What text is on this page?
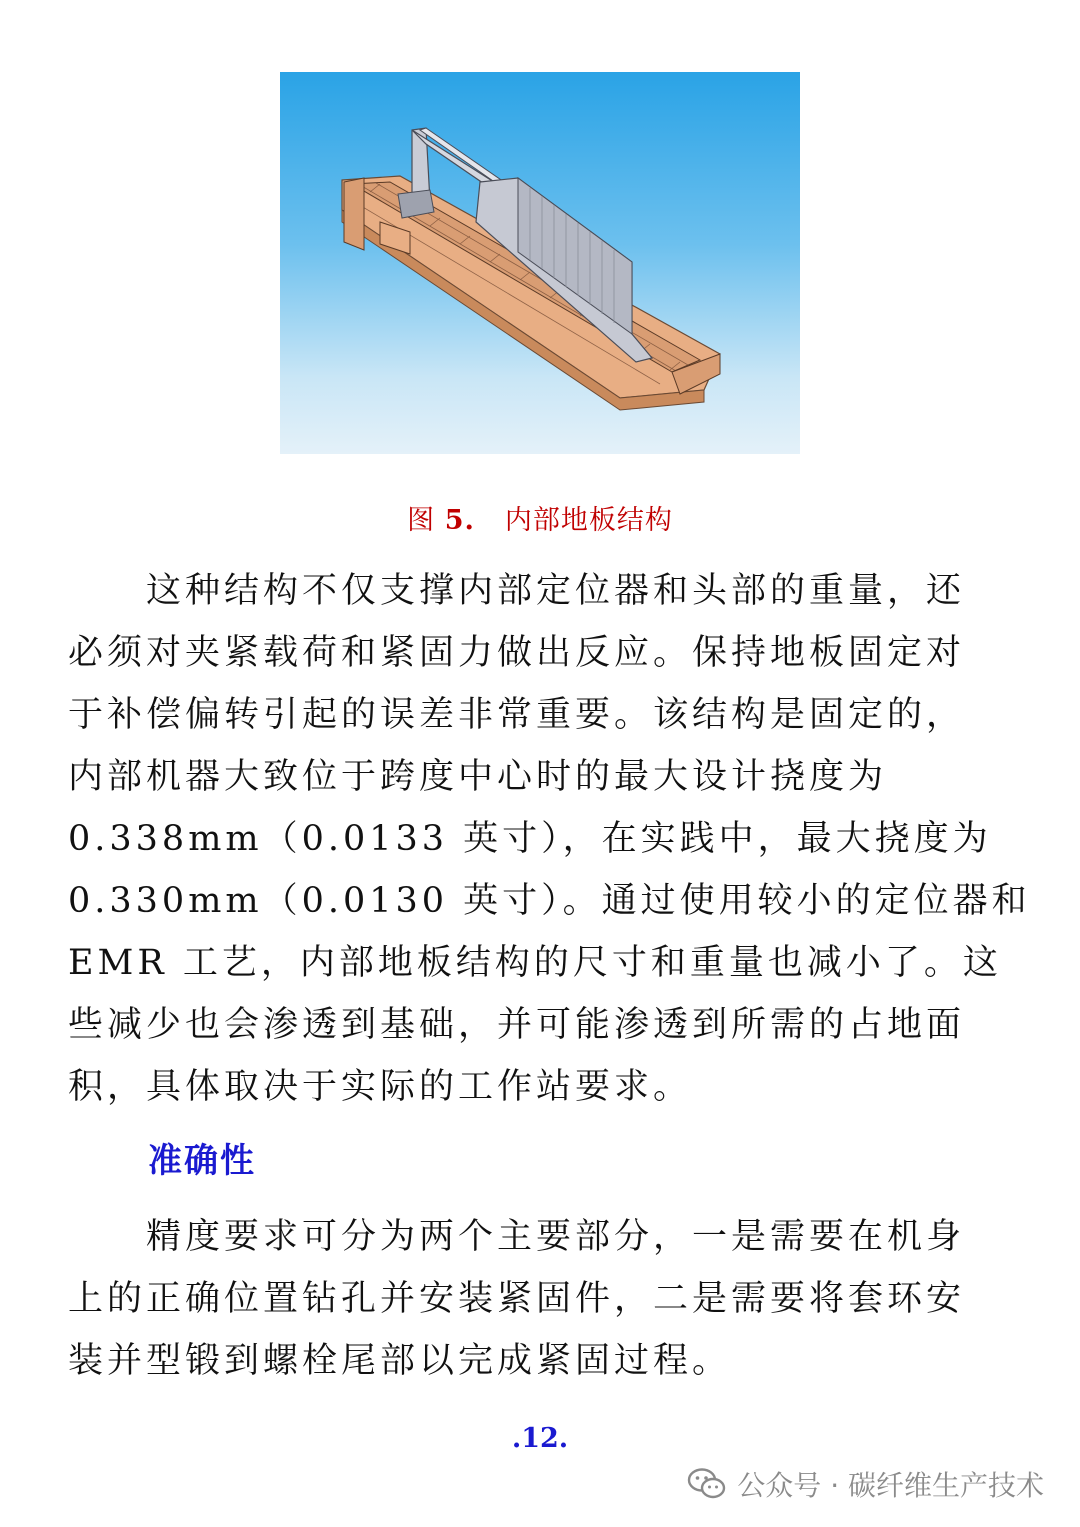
图 5. 内部地板结构
　　这种结构不仅支撑内部定位器和头部的重量，还
必须对夹紧载荷和紧固力做出反应。保持地板固定对
于补偿偏转引起的误差非常重要。该结构是固定的，
内部机器大致位于跨度中心时的最大设计挠度为
0.338mm（0.0133 英寸），在实践中，最大挠度为
0.330mm（0.0130 英寸）。通过使用较小的定位器和
EMR 工艺，内部地板结构的尺寸和重量也减小了。这
些减少也会渗透到基础，并可能渗透到所需的占地面
积，具体取决于实际的工作站要求。
准确性
　　精度要求可分为两个主要部分，一是需要在机身
上的正确位置钻孔并安装紧固件，二是需要将套环安
装并型锻到螺栓尾部以完成紧固过程。
.12.
公众号 · 碳纤维生产技术
